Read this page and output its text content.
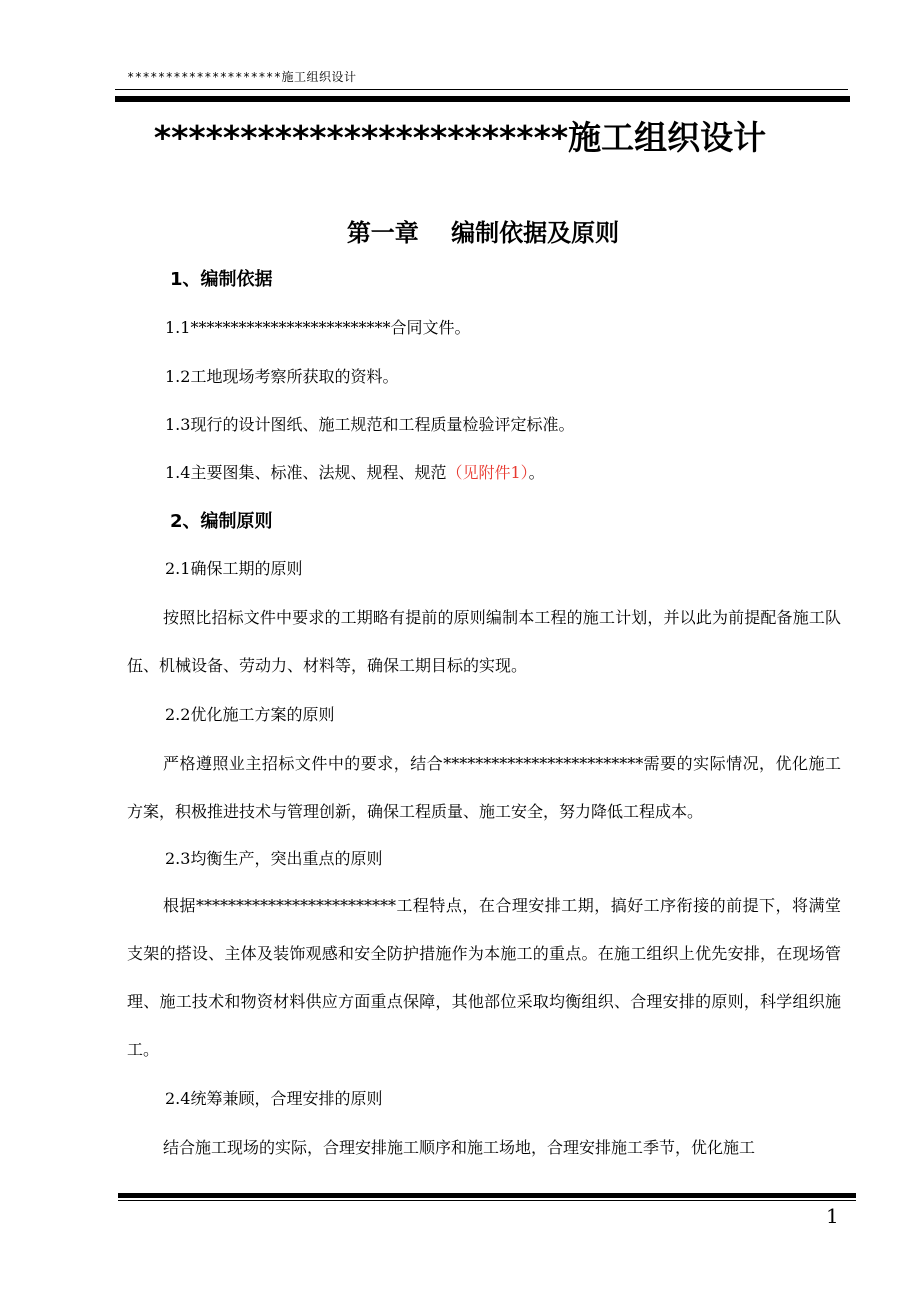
********************施工组织设计
************************施工组织设计
第一章　 编制依据及原则
1、编制依据
1.1*************************合同文件。
1.2工地现场考察所获取的资料。
1.3现行的设计图纸、施工规范和工程质量检验评定标准。
1.4主要图集、标准、法规、规程、规范（见附件1）。
2、编制原则
2.1确保工期的原则
按照比招标文件中要求的工期略有提前的原则编制本工程的施工计划，并以此为前提配备施工队伍、机械设备、劳动力、材料等，确保工期目标的实现。
2.2优化施工方案的原则
严格遵照业主招标文件中的要求，结合*************************需要的实际情况，优化施工方案，积极推进技术与管理创新，确保工程质量、施工安全，努力降低工程成本。
2.3均衡生产，突出重点的原则
根据*************************工程特点，在合理安排工期，搞好工序衔接的前提下，将满堂支架的搭设、主体及装饰观感和安全防护措施作为本施工的重点。在施工组织上优先安排，在现场管理、施工技术和物资材料供应方面重点保障，其他部位采取均衡组织、合理安排的原则，科学组织施工。
2.4统筹兼顾，合理安排的原则
结合施工现场的实际，合理安排施工顺序和施工场地，合理安排施工季节，优化施工
1
